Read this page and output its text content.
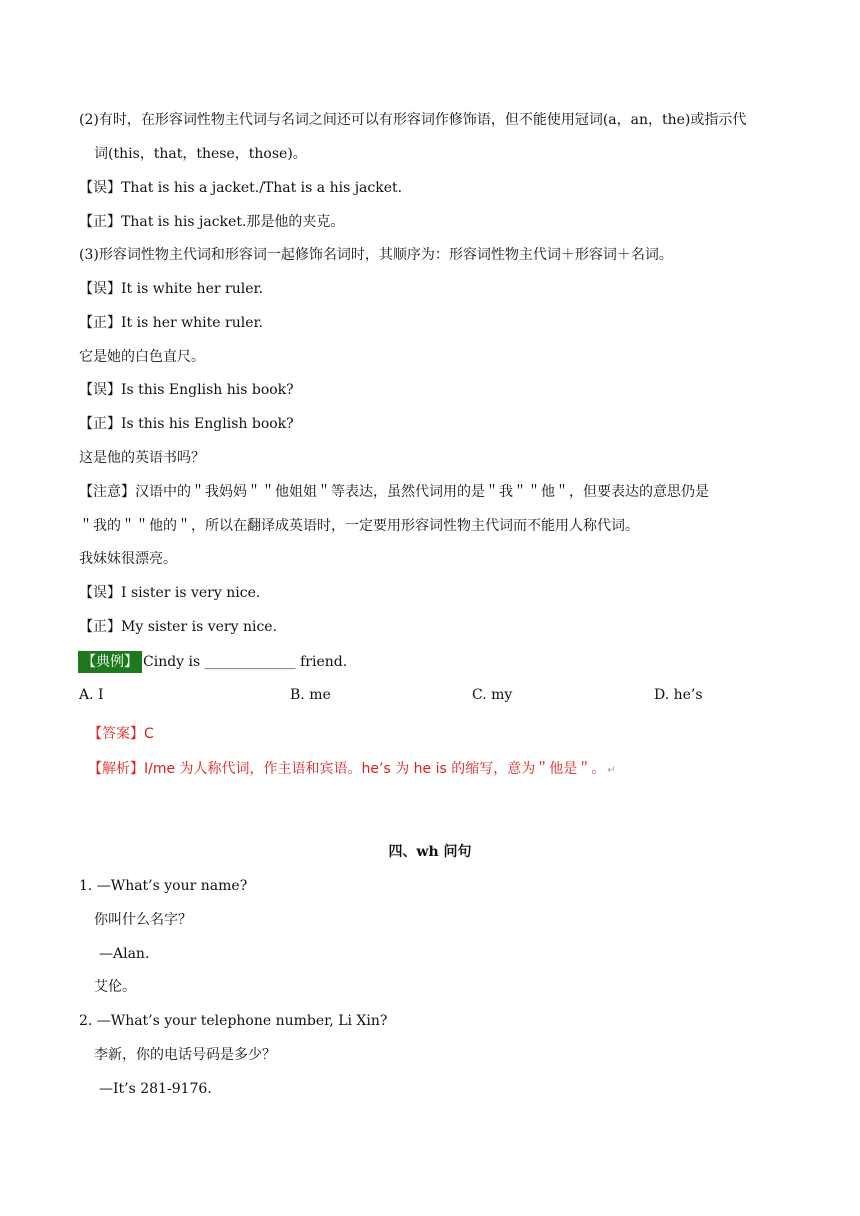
(2)有时，在形容词性物主代词与名词之间还可以有形容词作修饰语，但不能使用冠词(a，an，the)或指示代
词(this，that，these，those)。
【误】That is his a jacket./That is a his jacket.
【正】That is his jacket.那是他的夹克。
(3)形容词性物主代词和形容词一起修饰名词时，其顺序为：形容词性物主代词＋形容词＋名词。
【误】It is white her ruler.
【正】It is her white ruler.
它是她的白色直尺。
【误】Is this English his book?
【正】Is this his English book?
这是他的英语书吗？
【注意】汉语中的＂我妈妈＂＂他姐姐＂等表达，虽然代词用的是＂我＂＂他＂，但要表达的意思仍是
＂我的＂＂他的＂，所以在翻译成英语时，一定要用形容词性物主代词而不能用人称代词。
我妹妹很漂亮。
【误】I sister is very nice.
【正】My sister is very nice.
【典例】 Cindy is _____________ friend.
A. I	B. me	C. my	D. he’s
【答案】C
【解析】I/me 为人称代词，作主语和宾语。he’s 为 he is 的缩写，意为＂他是＂。 ↵
四、wh 问句
1. —What’s your name?
你叫什么名字？
—Alan.
艾伦。
2. —What’s your telephone number, Li Xin?
李新，你的电话号码是多少？
—It’s 281-9176.
